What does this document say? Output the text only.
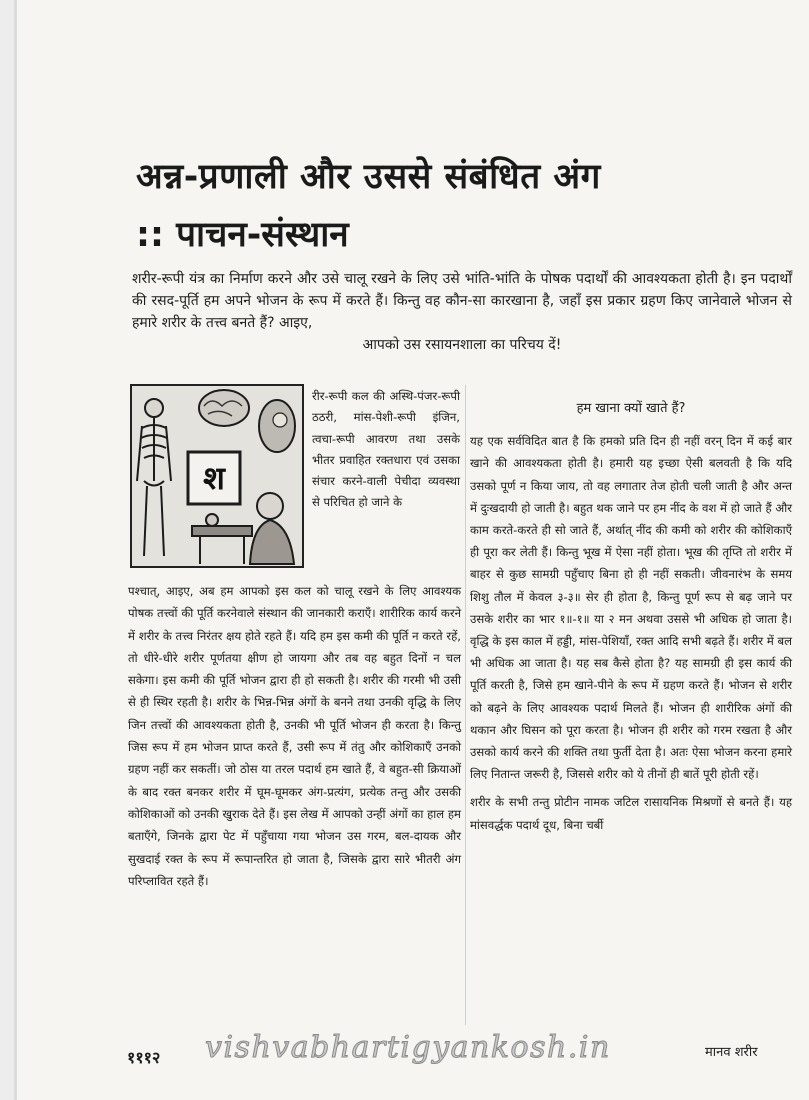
अन्न-प्रणाली और उससे संबंधित अंग
:: पाचन-संस्थान

शरीर-रूपी यंत्र का निर्माण करने और उसे चालू रखने के लिए उसे भांति-भांति के पोषक पदार्थों की आवश्यकता होती है। इन पदार्थों की रसद-पूर्ति हम अपने भोजन के रूप में करते हैं। किन्तु वह कौन-सा कारखाना है, जहाँ इस प्रकार ग्रहण किए जानेवाले भोजन से हमारे शरीर के तत्त्व बनते हैं? आइए,

आपको उस रसायनशाला का परिचय दें!

श

रीर-रूपी कल की अस्थि-पंजर-रूपी ठठरी, मांस-पेशी-रूपी इंजिन, त्वचा-रूपी आवरण तथा उसके भीतर प्रवाहित रक्तधारा एवं उसका संचार करने-वाली पेचीदा व्यवस्था से परिचित हो जाने के

पश्चात्, आइए, अब हम आपको इस कल को चालू रखने के लिए आवश्यक पोषक तत्त्वों की पूर्ति करनेवाले संस्थान की जानकारी कराएँ। शारीरिक कार्य करने में शरीर के तत्त्व निरंतर क्षय होते रहते हैं। यदि हम इस कमी की पूर्ति न करते रहें, तो धीरे-धीरे शरीर पूर्णतया क्षीण हो जायगा और तब वह बहुत दिनों न चल सकेगा। इस कमी की पूर्ति भोजन द्वारा ही हो सकती है। शरीर की गरमी भी उसी से ही स्थिर रहती है। शरीर के भिन्न-भिन्न अंगों के बनने तथा उनकी वृद्धि के लिए जिन तत्त्वों की आवश्यकता होती है, उनकी भी पूर्ति भोजन ही करता है। किन्तु जिस रूप में हम भोजन प्राप्त करते हैं, उसी रूप में तंतु और कोशिकाएँ उनको ग्रहण नहीं कर सकतीं। जो ठोस या तरल पदार्थ हम खाते हैं, वे बहुत-सी क्रियाओं के बाद रक्त बनकर शरीर में घूम-घूमकर अंग-प्रत्यंग, प्रत्येक तन्तु और उसकी कोशिकाओं को उनकी खुराक देते हैं। इस लेख में आपको उन्हीं अंगों का हाल हम बताएँगे, जिनके द्वारा पेट में पहुँचाया गया भोजन उस गरम, बल-दायक और सुखदाई रक्त के रूप में रूपान्तरित हो जाता है, जिसके द्वारा सारे भीतरी अंग परिप्लावित रहते हैं।

हम खाना क्यों खाते हैं?

यह एक सर्वविदित बात है कि हमको प्रति दिन ही नहीं वरन् दिन में कई बार खाने की आवश्यकता होती है। हमारी यह इच्छा ऐसी बलवती है कि यदि उसको पूर्ण न किया जाय, तो वह लगातार तेज होती चली जाती है और अन्त में दुःखदायी हो जाती है। बहुत थक जाने पर हम नींद के वश में हो जाते हैं और काम करते-करते ही सो जाते हैं, अर्थात् नींद की कमी को शरीर की कोशिकाएँ ही पूरा कर लेती हैं। किन्तु भूख में ऐसा नहीं होता। भूख की तृप्ति तो शरीर में बाहर से कुछ सामग्री पहुँचाए बिना हो ही नहीं सकती। जीवनारंभ के समय शिशु तौल में केवल ३-३॥ सेर ही होता है, किन्तु पूर्ण रूप से बढ़ जाने पर उसके शरीर का भार १॥-१॥ या २ मन अथवा उससे भी अधिक हो जाता है। वृद्धि के इस काल में हड्डी, मांस-पेशियाँ, रक्त आदि सभी बढ़ते हैं। शरीर में बल भी अधिक आ जाता है। यह सब कैसे होता है? यह सामग्री ही इस कार्य की पूर्ति करती है, जिसे हम खाने-पीने के रूप में ग्रहण करते हैं। भोजन से शरीर को बढ़ने के लिए आवश्यक पदार्थ मिलते हैं। भोजन ही शारीरिक अंगों की थकान और घिसन को पूरा करता है। भोजन ही शरीर को गरम रखता है और उसको कार्य करने की शक्ति तथा फुर्ती देता है। अतः ऐसा भोजन करना हमारे लिए नितान्त जरूरी है, जिससे शरीर को ये तीनों ही बातें पूरी होती रहें।

शरीर के सभी तन्तु प्रोटीन नामक जटिल रासायनिक मिश्रणों से बनते हैं। यह मांसवर्द्धक पदार्थ दूध, बिना चर्बी

१११२ vishvabhartigyankosh.in	मानव शरीर
